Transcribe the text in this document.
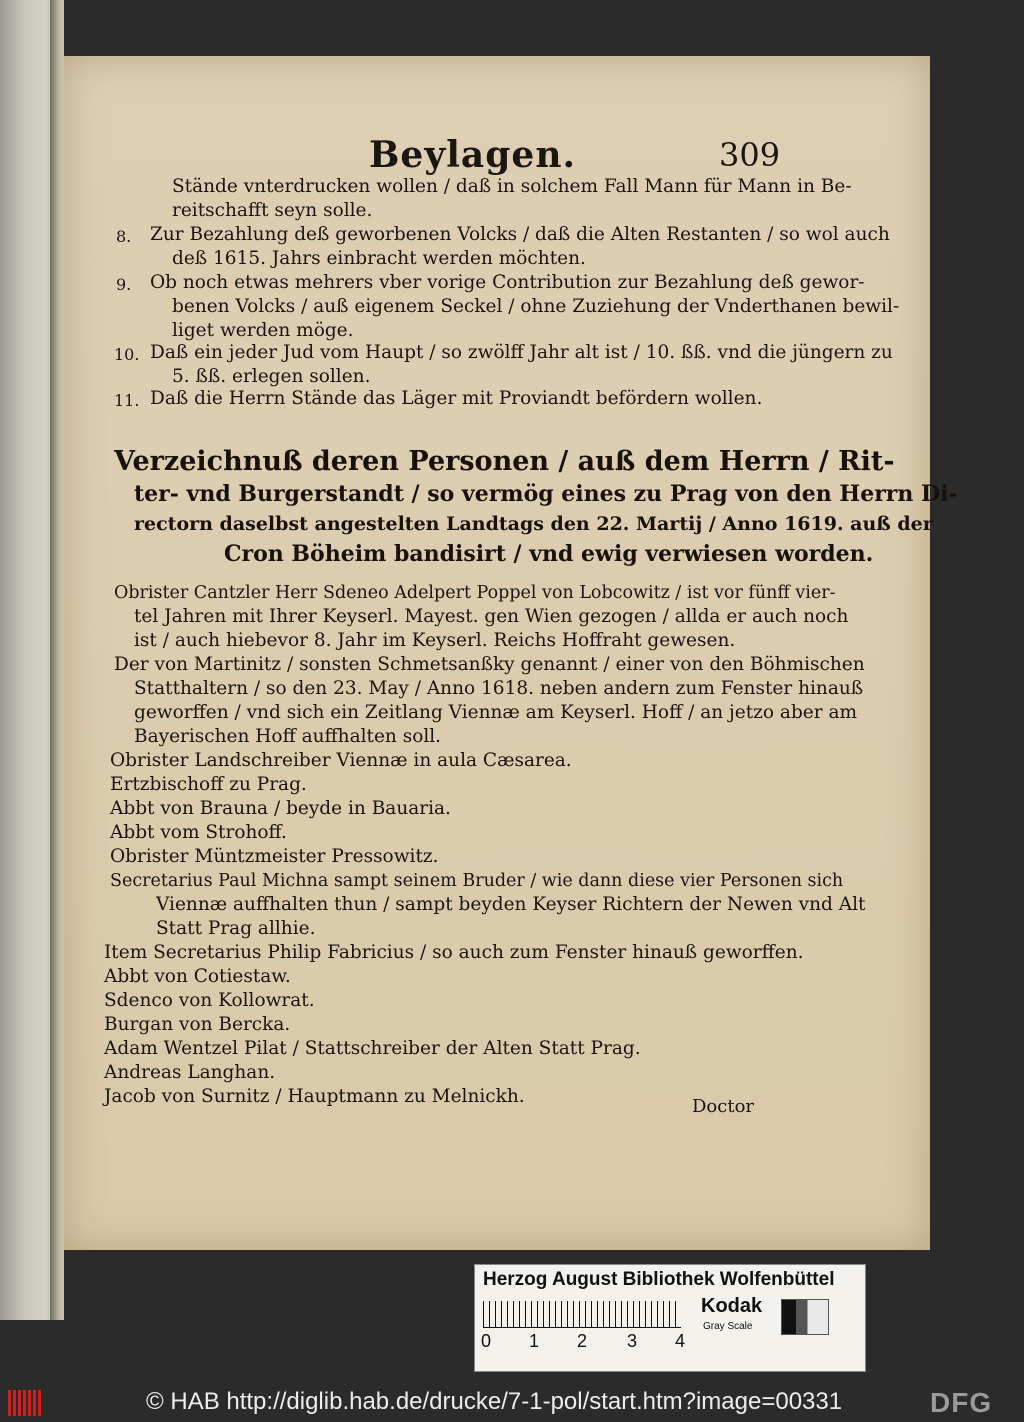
Beylagen.	309
Stände vnterdrucken wollen / daß in solchem Fall Mann für Mann in Be-
reitschafft seyn solle.
8. Zur Bezahlung deß geworbenen Volcks / daß die Alten Restanten / so wol auch
deß 1615. Jahrs einbracht werden möchten.
9. Ob noch etwas mehrers vber vorige Contribution zur Bezahlung deß gewor-
benen Volcks / auß eigenem Seckel / ohne Zuziehung der Vnderthanen bewil-
liget werden möge.
10. Daß ein jeder Jud vom Haupt / so zwölff Jahr alt ist / 10. ßß. vnd die jüngern zu
5. ßß. erlegen sollen.
11. Daß die Herrn Stände das Läger mit Proviandt befördern wollen.
Verzeichnuß deren Personen / auß dem Herrn / Rit-
ter- vnd Burgerstandt / so vermög eines zu Prag von den Herrn Di-
rectorn daselbst angestelten Landtags den 22. Martij / Anno 1619. auß der
Cron Böheim bandisirt / vnd ewig verwiesen worden.
Obrister Cantzler Herr Sdeneo Adelpert Poppel von Lobcowitz / ist vor fünff vier-
tel Jahren mit Ihrer Keyserl. Mayest. gen Wien gezogen / allda er auch noch
ist / auch hiebevor 8. Jahr im Keyserl. Reichs Hoffraht gewesen.
Der von Martinitz / sonsten Schmetsanßky genannt / einer von den Böhmischen
Statthaltern / so den 23. May / Anno 1618. neben andern zum Fenster hinauß
geworffen / vnd sich ein Zeitlang Viennæ am Keyserl. Hoff / an jetzo aber am
Bayerischen Hoff auffhalten soll.
Obrister Landschreiber Viennæ in aula Cæsarea.
Ertzbischoff zu Prag.
Abbt von Brauna / beyde in Bauaria.
Abbt vom Strohoff.
Obrister Müntzmeister Pressowitz.
Secretarius Paul Michna sampt seinem Bruder / wie dann diese vier Personen sich
Viennæ auffhalten thun / sampt beyden Keyser Richtern der Newen vnd Alt
Statt Prag allhie.
Item Secretarius Philip Fabricius / so auch zum Fenster hinauß geworffen.
Abbt von Cotiestaw.
Sdenco von Kollowrat.
Burgan von Bercka.
Adam Wentzel Pilat / Stattschreiber der Alten Statt Prag.
Andreas Langhan.
Jacob von Surnitz / Hauptmann zu Melnickh.	Doctor
Herzog August Bibliothek Wolfenbüttel
0 1 2 3 4
Kodak
Gray Scale
© HAB http://diglib.hab.de/drucke/7-1-pol/start.htm?image=00331	DFG
